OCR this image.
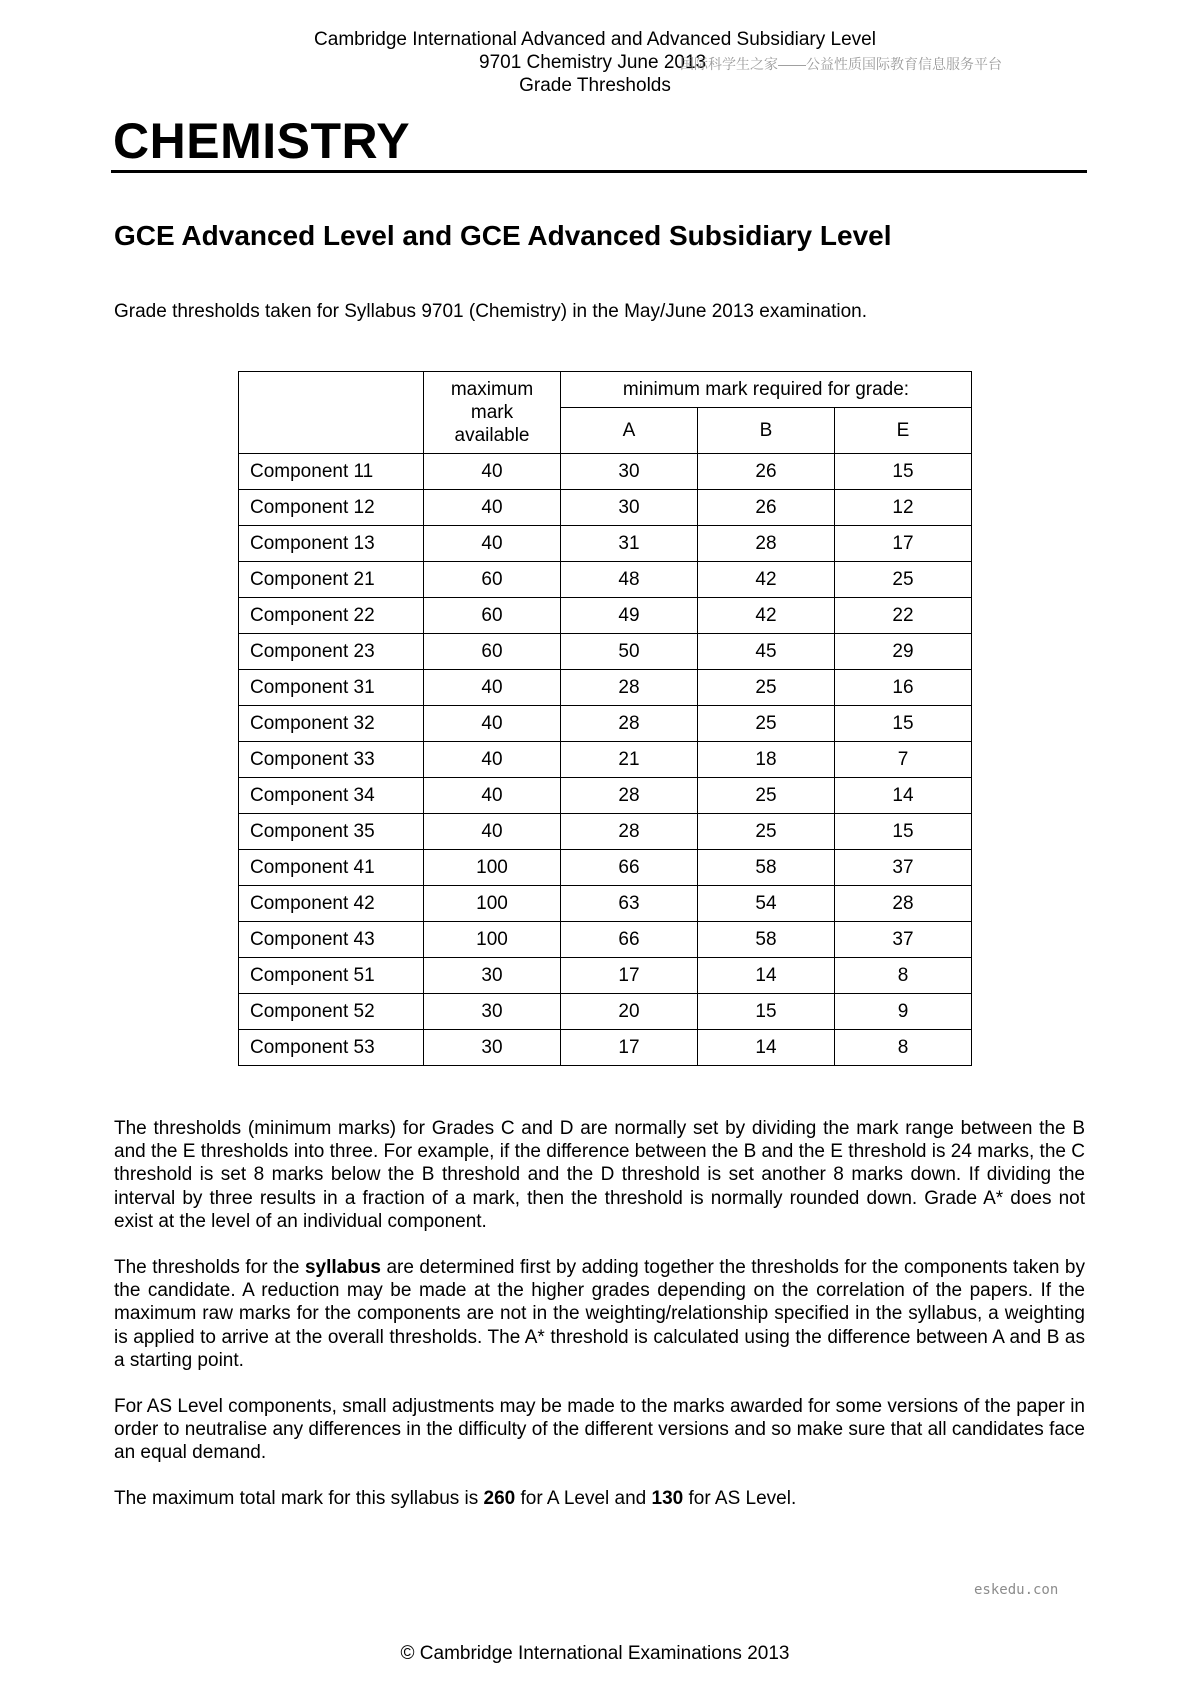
Cambridge International Advanced and Advanced Subsidiary Level
9701 Chemistry June 2013
国际科学生之家——公益性质国际教育信息服务平台
Grade Thresholds
CHEMISTRY
GCE Advanced Level and GCE Advanced Subsidiary Level
Grade thresholds taken for Syllabus 9701 (Chemistry) in the May/June 2013 examination.

	maximum
mark
available	minimum mark required for grade:		
		A	B	E
Component 11	40	30	26	15
Component 12	40	30	26	12
Component 13	40	31	28	17
Component 21	60	48	42	25
Component 22	60	49	42	22
Component 23	60	50	45	29
Component 31	40	28	25	16
Component 32	40	28	25	15
Component 33	40	21	18	7
Component 34	40	28	25	14
Component 35	40	28	25	15
Component 41	100	66	58	37
Component 42	100	63	54	28
Component 43	100	66	58	37
Component 51	30	17	14	8
Component 52	30	20	15	9
Component 53	30	17	14	8
The thresholds (minimum marks) for Grades C and D are normally set by dividing the mark range between the B and the E thresholds into three. For example, if the difference between the B and the E threshold is 24 marks, the C threshold is set 8 marks below the B threshold and the D threshold is set another 8 marks down. If dividing the interval by three results in a fraction of a mark, then the threshold is normally rounded down. Grade A* does not exist at the level of an individual component.
The thresholds for the syllabus are determined first by adding together the thresholds for the components taken by the candidate. A reduction may be made at the higher grades depending on the correlation of the papers. If the maximum raw marks for the components are not in the weighting/relationship specified in the syllabus, a weighting is applied to arrive at the overall thresholds. The A* threshold is calculated using the difference between A and B as a starting point.
For AS Level components, small adjustments may be made to the marks awarded for some versions of the paper in order to neutralise any differences in the difficulty of the different versions and so make sure that all candidates face an equal demand.
The maximum total mark for this syllabus is 260 for A Level and 130 for AS Level.
eskedu.con
© Cambridge International Examinations 2013
